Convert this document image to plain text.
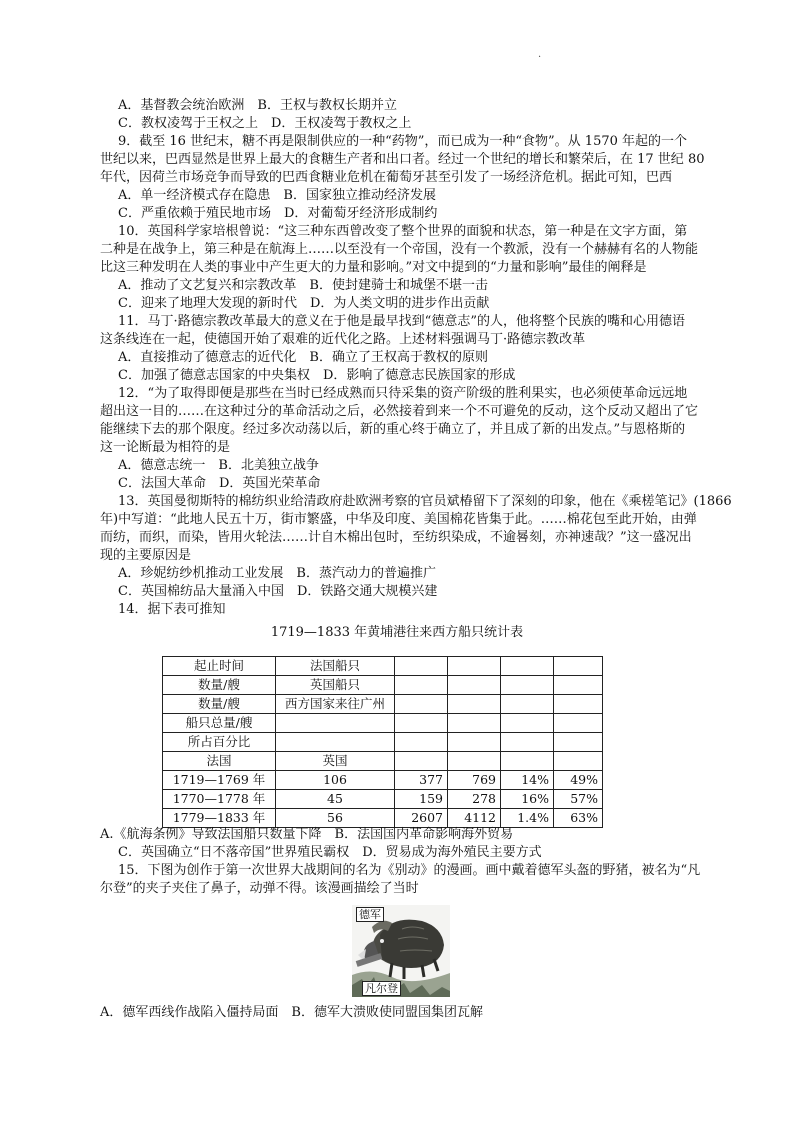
·
A．基督教会统治欧洲　B．王权与教权长期并立
C．教权凌驾于王权之上　D．王权凌驾于教权之上
9．截至 16 世纪末，糖不再是限制供应的一种“药物”，而已成为一种“食物”。从 1570 年起的一个
世纪以来，巴西显然是世界上最大的食糖生产者和出口者。经过一个世纪的增长和繁荣后，在 17 世纪 80
年代，因荷兰市场竞争而导致的巴西食糖业危机在葡萄牙甚至引发了一场经济危机。据此可知，巴西
A．单一经济模式存在隐患　B．国家独立推动经济发展
C．严重依赖于殖民地市场　D．对葡萄牙经济形成制约
10．英国科学家培根曾说：“这三种东西曾改变了整个世界的面貌和状态，第一种是在文字方面，第
二种是在战争上，第三种是在航海上……以至没有一个帝国，没有一个教派，没有一个赫赫有名的人物能
比这三种发明在人类的事业中产生更大的力量和影响。”对文中提到的“力量和影响”最佳的阐释是
A．推动了文艺复兴和宗教改革　B．使封建骑士和城堡不堪一击
C．迎来了地理大发现的新时代　D．为人类文明的进步作出贡献
11．马丁·路德宗教改革最大的意义在于他是最早找到“德意志”的人，他将整个民族的嘴和心用德语
这条线连在一起，使德国开始了艰难的近代化之路。上述材料强调马丁·路德宗教改革
A．直接推动了德意志的近代化　B．确立了王权高于教权的原则
C．加强了德意志国家的中央集权　D．影响了德意志民族国家的形成
12．“为了取得即便是那些在当时已经成熟而只待采集的资产阶级的胜利果实，也必须使革命远远地
超出这一目的……在这种过分的革命活动之后，必然接着到来一个不可避免的反动，这个反动又超出了它
能继续下去的那个限度。经过多次动荡以后，新的重心终于确立了，并且成了新的出发点。”与恩格斯的
这一论断最为相符的是
A．德意志统一　B．北美独立战争
C．法国大革命　D．英国光荣革命
13．英国曼彻斯特的棉纺织业给清政府赴欧洲考察的官员斌椿留下了深刻的印象，他在《乘槎笔记》(1866
年)中写道：“此地人民五十万，街市繁盛，中华及印度、美国棉花皆集于此。……棉花包至此开始，由弹
而纺，而织，而染，皆用火轮法……计自木棉出包时，至纺织染成，不逾晷刻，亦神速哉？”这一盛况出
现的主要原因是
A．珍妮纺纱机推动工业发展　B．蒸汽动力的普遍推广
C．英国棉纺品大量涌入中国　D．铁路交通大规模兴建
14．据下表可推知
1719—1833 年黄埔港往来西方船只统计表
起止时间	法国船只				
数量/艘	英国船只				
数量/艘	西方国家来往广州				
船只总量/艘					
所占百分比					
法国	英国				
1719—1769 年	106	377	769	14%	49%
1770—1778 年	45	159	278	16%	57%
1779—1833 年	56	2607	4112	1.4%	63%
A.《航海条例》导致法国船只数量下降　B．法国国内革命影响海外贸易
C．英国确立“日不落帝国”世界殖民霸权　D．贸易成为海外殖民主要方式
15．下图为创作于第一次世界大战期间的名为《别动》的漫画。画中戴着德军头盔的野猪，被名为“凡
尔登”的夹子夹住了鼻子，动弹不得。该漫画描绘了当时
德军
凡尔登
A．德军西线作战陷入僵持局面　B．德军大溃败使同盟国集团瓦解
